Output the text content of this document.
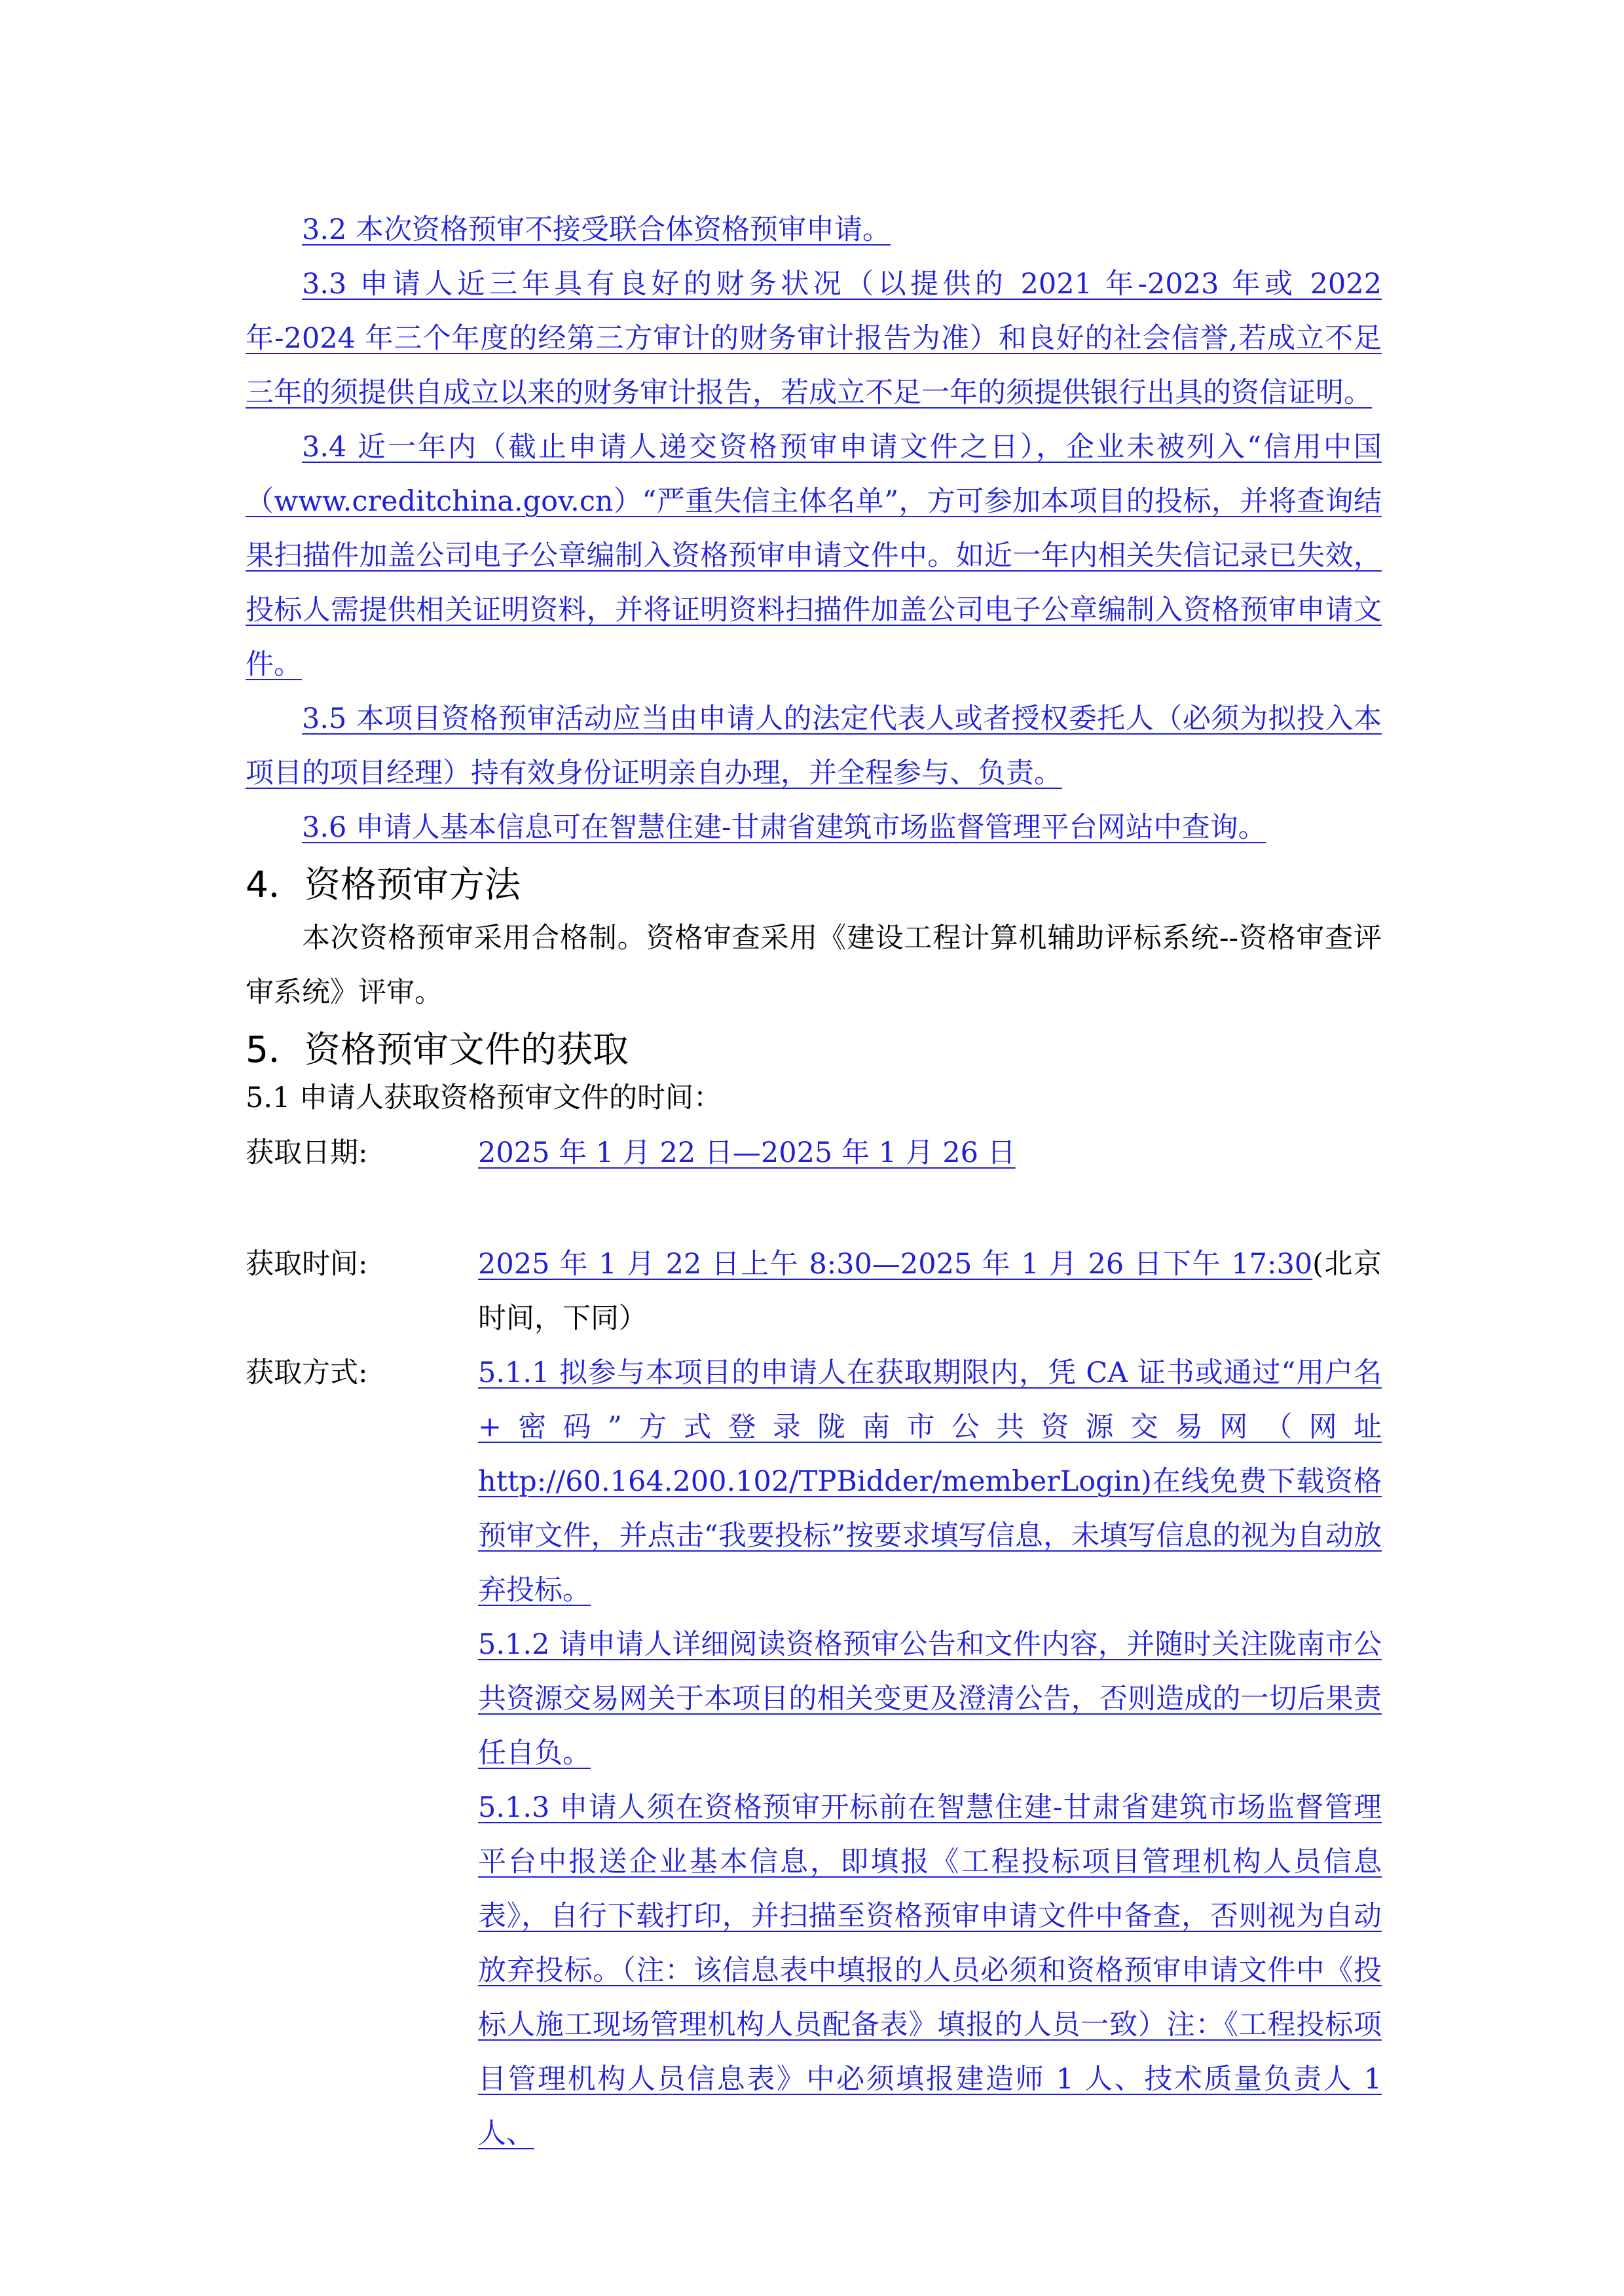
3.2 本次资格预审不接受联合体资格预审申请。

3.3 申请人近三年具有良好的财务状况（以提供的 2021 年-2023 年或 2022 年-2024 年三个年度的经第三方审计的财务审计报告为准）和良好的社会信誉,若成立不足三年的须提供自成立以来的财务审计报告，若成立不足一年的须提供银行出具的资信证明。

3.4 近一年内（截止申请人递交资格预审申请文件之日），企业未被列入“信用中国（www.creditchina.gov.cn）“严重失信主体名单”，方可参加本项目的投标，并将查询结果扫描件加盖公司电子公章编制入资格预审申请文件中。如近一年内相关失信记录已失效，投标人需提供相关证明资料，并将证明资料扫描件加盖公司电子公章编制入资格预审申请文件。

3.5 本项目资格预审活动应当由申请人的法定代表人或者授权委托人（必须为拟投入本项目的项目经理）持有效身份证明亲自办理，并全程参与、负责。

3.6 申请人基本信息可在智慧住建-甘肃省建筑市场监督管理平台网站中查询。

4．资格预审方法

本次资格预审采用合格制。资格审查采用《建设工程计算机辅助评标系统--资格审查评审系统》评审。

5．资格预审文件的获取

5.1 申请人获取资格预审文件的时间：

获取日期:	2025 年 1 月 22 日—2025 年 1 月 26 日
获取时间:	2025 年 1 月 22 日上午 8:30—2025 年 1 月 26 日下午 17:30(北京时间，下同）
获取方式:	5.1.1 拟参与本项目的申请人在获取期限内，凭 CA 证书或通过“用户名+密码”方式登录陇南市公共资源交易网（网址http://60.164.200.102/TPBidder/memberLogin)在线免费下载资格预审文件，并点击“我要投标”按要求填写信息，未填写信息的视为自动放弃投标。

5.1.2 请申请人详细阅读资格预审公告和文件内容，并随时关注陇南市公共资源交易网关于本项目的相关变更及澄清公告，否则造成的一切后果责任自负。

5.1.3 申请人须在资格预审开标前在智慧住建-甘肃省建筑市场监督管理平台中报送企业基本信息，即填报《工程投标项目管理机构人员信息表》，自行下载打印，并扫描至资格预审申请文件中备查，否则视为自动放弃投标。（注：该信息表中填报的人员必须和资格预审申请文件中《投标人施工现场管理机构人员配备表》填报的人员一致）注：《工程投标项目管理机构人员信息表》中必须填报建造师 1 人、技术质量负责人 1 人、
